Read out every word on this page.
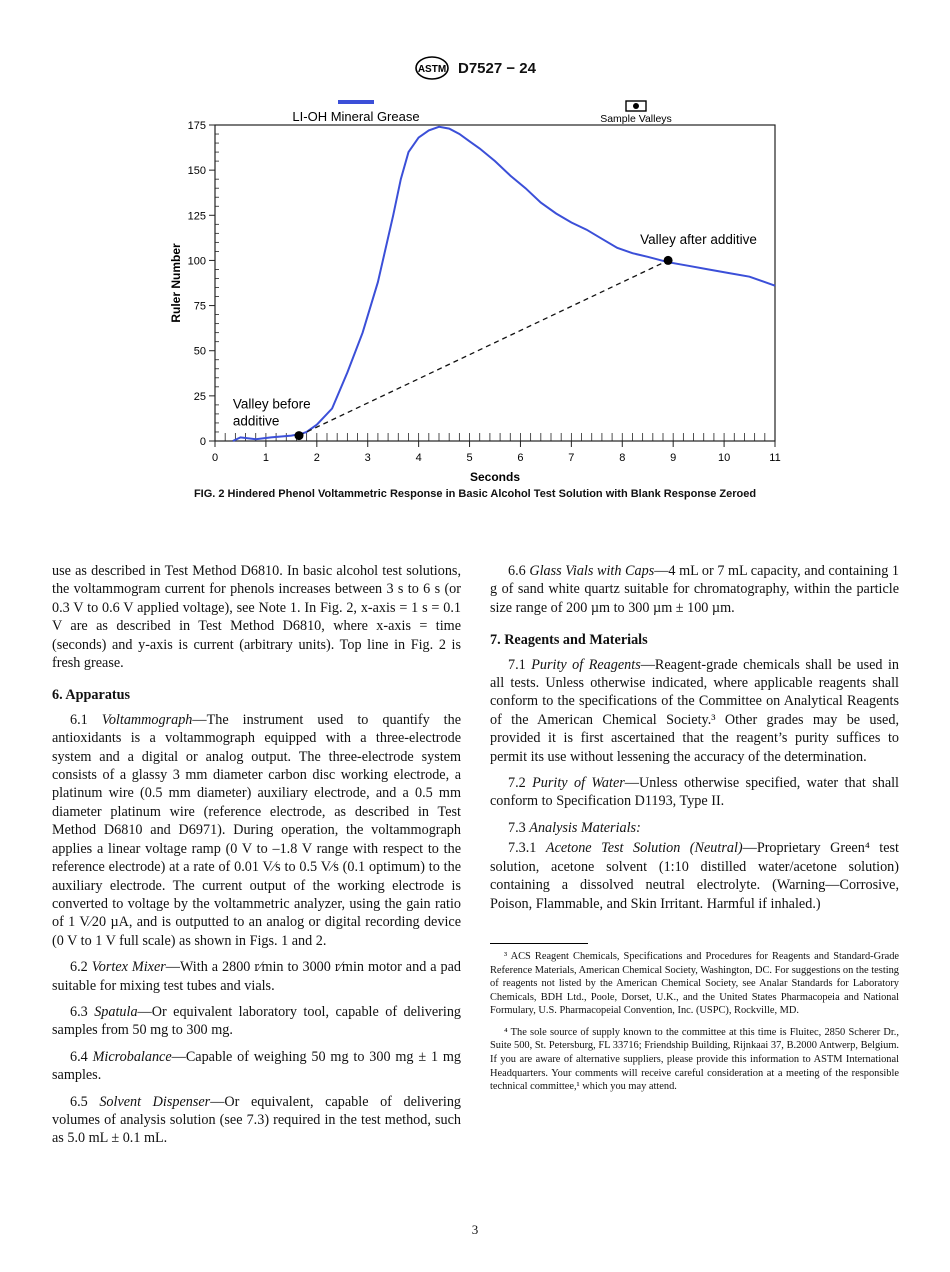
ASTM D7527 − 24
0
25
50
75
100
125
150
175
0	1	2	3	4	5	6	7	8	9	10	11
Seconds
Ruler Number
LI-OH Mineral Grease	Sample Valleys
Valley before additive
Valley after additive
FIG. 2 Hindered Phenol Voltammetric Response in Basic Alcohol Test Solution with Blank Response Zeroed

use as described in Test Method D6810. In basic alcohol test solutions, the voltammogram current for phenols increases between 3 s to 6 s (or 0.3 V to 0.6 V applied voltage), see Note 1. In Fig. 2, x-axis = 1 s = 0.1 V are as described in Test Method D6810, where x-axis = time (seconds) and y-axis is current (arbitrary units). Top line in Fig. 2 is fresh grease.

6. Apparatus

6.1 Voltammograph—The instrument used to quantify the antioxidants is a voltammograph equipped with a three-electrode system and a digital or analog output. The three-electrode system consists of a glassy 3 mm diameter carbon disc working electrode, a platinum wire (0.5 mm diameter) auxiliary electrode, and a 0.5 mm diameter platinum wire (reference electrode, as described in Test Method D6810 and D6971). During operation, the voltammograph applies a linear voltage ramp (0 V to –1.8 V range with respect to the reference electrode) at a rate of 0.01 V⁄s to 0.5 V⁄s (0.1 optimum) to the auxiliary electrode. The current output of the working electrode is converted to voltage by the voltammetric analyzer, using the gain ratio of 1 V⁄20 µA, and is outputted to an analog or digital recording device (0 V to 1 V full scale) as shown in Figs. 1 and 2.

6.2 Vortex Mixer—With a 2800 r⁄min to 3000 r⁄min motor and a pad suitable for mixing test tubes and vials.

6.3 Spatula—Or equivalent laboratory tool, capable of delivering samples from 50 mg to 300 mg.

6.4 Microbalance—Capable of weighing 50 mg to 300 mg ± 1 mg samples.

6.5 Solvent Dispenser—Or equivalent, capable of delivering volumes of analysis solution (see 7.3) required in the test method, such as 5.0 mL ± 0.1 mL.

6.6 Glass Vials with Caps—4 mL or 7 mL capacity, and containing 1 g of sand white quartz suitable for chromatography, within the particle size range of 200 µm to 300 µm ± 100 µm.

7. Reagents and Materials

7.1 Purity of Reagents—Reagent-grade chemicals shall be used in all tests. Unless otherwise indicated, where applicable reagents shall conform to the specifications of the Committee on Analytical Reagents of the American Chemical Society.³ Other grades may be used, provided it is first ascertained that the reagent’s purity suffices to permit its use without lessening the accuracy of the determination.

7.2 Purity of Water—Unless otherwise specified, water that shall conform to Specification D1193, Type II.

7.3 Analysis Materials:

7.3.1 Acetone Test Solution (Neutral)—Proprietary Green⁴ test solution, acetone solvent (1:10 distilled water/acetone solution) containing a dissolved neutral electrolyte. (Warning—Corrosive, Poison, Flammable, and Skin Irritant. Harmful if inhaled.)

³ ACS Reagent Chemicals, Specifications and Procedures for Reagents and Standard-Grade Reference Materials, American Chemical Society, Washington, DC. For suggestions on the testing of reagents not listed by the American Chemical Society, see Analar Standards for Laboratory Chemicals, BDH Ltd., Poole, Dorset, U.K., and the United States Pharmacopeia and National Formulary, U.S. Pharmacopeial Convention, Inc. (USPC), Rockville, MD.

⁴ The sole source of supply known to the committee at this time is Fluitec, 2850 Scherer Dr., Suite 500, St. Petersburg, FL 33716; Friendship Building, Rijnkaai 37, B.2000 Antwerp, Belgium. If you are aware of alternative suppliers, please provide this information to ASTM International Headquarters. Your comments will receive careful consideration at a meeting of the responsible technical committee,¹ which you may attend.

3
